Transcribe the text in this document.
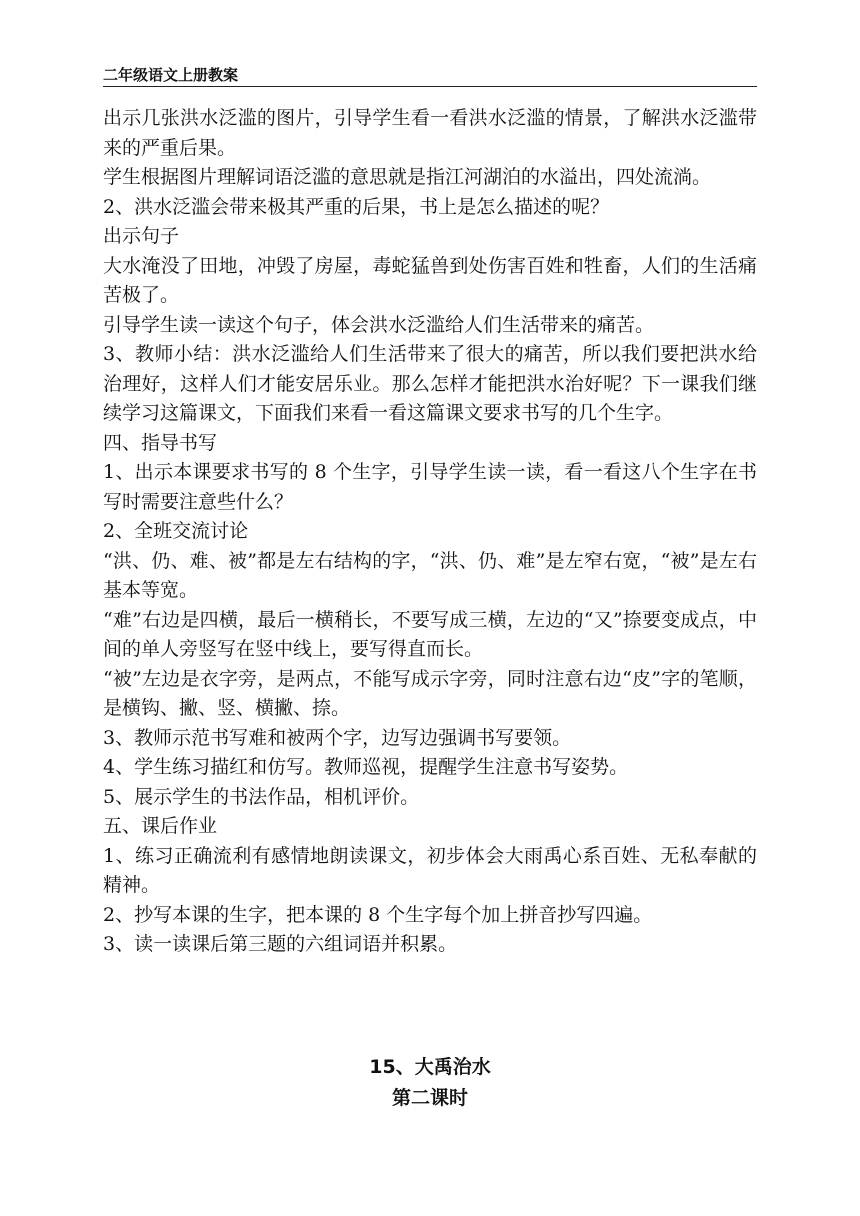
二年级语文上册教案

出示几张洪水泛滥的图片，引导学生看一看洪水泛滥的情景，了解洪水泛滥带来的严重后果。

学生根据图片理解词语泛滥的意思就是指江河湖泊的水溢出，四处流淌。

2、洪水泛滥会带来极其严重的后果，书上是怎么描述的呢？

出示句子

大水淹没了田地，冲毁了房屋，毒蛇猛兽到处伤害百姓和牲畜，人们的生活痛苦极了。

引导学生读一读这个句子，体会洪水泛滥给人们生活带来的痛苦。

3、教师小结：洪水泛滥给人们生活带来了很大的痛苦，所以我们要把洪水给治理好，这样人们才能安居乐业。那么怎样才能把洪水治好呢？下一课我们继续学习这篇课文，下面我们来看一看这篇课文要求书写的几个生字。

四、指导书写

1、出示本课要求书写的 8 个生字，引导学生读一读，看一看这八个生字在书写时需要注意些什么？

2、全班交流讨论

“洪、仍、难、被”都是左右结构的字，“洪、仍、难”是左窄右宽，“被”是左右基本等宽。

“难”右边是四横，最后一横稍长，不要写成三横，左边的“又”捺要变成点，中间的单人旁竖写在竖中线上，要写得直而长。

“被”左边是衣字旁，是两点，不能写成示字旁，同时注意右边“皮”字的笔顺，是横钩、撇、竖、横撇、捺。

3、教师示范书写难和被两个字，边写边强调书写要领。

4、学生练习描红和仿写。教师巡视，提醒学生注意书写姿势。

5、展示学生的书法作品，相机评价。

五、课后作业

1、练习正确流利有感情地朗读课文，初步体会大雨禹心系百姓、无私奉献的精神。

2、抄写本课的生字，把本课的 8 个生字每个加上拼音抄写四遍。

3、读一读课后第三题的六组词语并积累。

15、大禹治水
第二课时
